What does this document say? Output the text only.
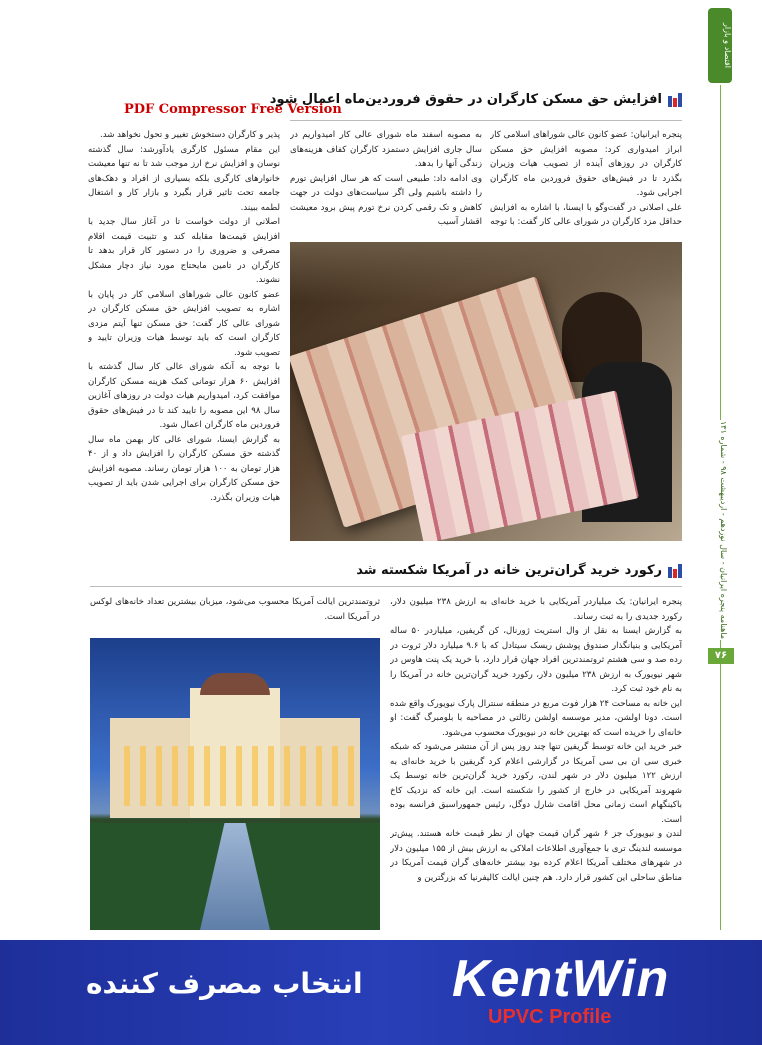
اقتصاد و بازار
ماهنامه پنجره ایرانیان - سال نوزدهم - اردیبهشت ۹۸ - شماره ۱۳۱
۷۶
افزایش حق مسکن کارگران در حقوق فروردین‌ماه اعمال شود
PDF Compressor Free Version

پنجره ایرانیان: عضو کانون عالی شوراهای اسلامی کار ابراز امیدواری کرد: مصوبه افزایش حق مسکن کارگران در روزهای آینده از تصویب هیات وزیران بگذرد تا در فیش‌های حقوق فروردین ماه کارگران اجرایی شود.

علی اصلانی در گفت‌وگو با ایسنا، با اشاره به افزایش حداقل مزد کارگران در شورای عالی کار گفت: با توجه

به مصوبه اسفند ماه شورای عالی کار امیدواریم در سال جاری افزایش دستمزد کارگران کفاف هزینه‌های زندگی آنها را بدهد.

وی ادامه داد: طبیعی است که هر سال افزایش تورم را داشته باشیم ولی اگر سیاست‌های دولت در جهت کاهش و تک رقمی کردن نرخ تورم پیش برود معیشت اقشار آسیب

پذیر و کارگران دستخوش تغییر و تحول نخواهد شد.

این مقام مسئول کارگری یادآورشد: سال گذشته نوسان و افزایش نرخ ارز موجب شد تا نه تنها معیشت خانوارهای کارگری بلکه بسیاری از افراد و دهک‌های جامعه تحت تاثیر قرار بگیرد و بازار کار و اشتغال لطمه ببیند.

اصلانی از دولت خواست تا در آغاز سال جدید با افزایش قیمت‌ها مقابله کند و تثبیت قیمت اقلام مصرفی و ضروری را در دستور کار قرار بدهد تا کارگران در تامین مایحتاج مورد نیاز دچار مشکل نشوند.

عضو کانون عالی شوراهای اسلامی کار در پایان با اشاره به تصویب افزایش حق مسکن کارگران در شورای عالی کار گفت: حق مسکن تنها آیتم مزدی کارگران است که باید توسط هیات وزیران تایید و تصویب شود.

با توجه به آنکه شورای عالی کار سال گذشته با افزایش ۶۰ هزار تومانی کمک هزینه مسکن کارگران موافقت کرد، امیدواریم هیات دولت در روزهای آغازین سال ۹۸ این مصوبه را تایید کند تا در فیش‌های حقوق فروردین ماه کارگران اعمال شود.

به گزارش ایسنا، شورای عالی کار بهمن ماه سال گذشته حق مسکن کارگران را افزایش داد و از ۴۰ هزار تومان به ۱۰۰ هزار تومان رساند. مصوبه افزایش حق مسکن کارگران برای اجرایی شدن باید از تصویب هیات وزیران بگذرد.

رکورد خرید گران‌ترین خانه در آمریکا شکسته شد

پنجره ایرانیان: یک میلیاردر آمریکایی با خرید خانه‌ای به ارزش ۲۳۸ میلیون دلار، رکورد جدیدی را به ثبت رساند.

به گزارش ایسنا به نقل از وال استریت ژورنال، کن گریفین، میلیاردر ۵۰ ساله آمریکایی و بنیانگذار صندوق پوشش ریسک سیتادل که با ۹.۶ میلیارد دلار ثروت در رده صد و سی هشتم ثروتمندترین افراد جهان قرار دارد، با خرید یک پنت هاوس در شهر نیویورک به ارزش ۲۳۸ میلیون دلار، رکورد خرید گران‌ترین خانه در آمریکا را به نام خود ثبت کرد.

این خانه به مساحت ۲۴ هزار فوت مربع در منطقه سنترال پارک نیویورک واقع شده است. دونا اولشن، مدیر موسسه اولشن رئالتی در مصاحبه با بلومبرگ گفت: او خانه‌ای را خریده است که بهترین خانه در نیویورک محسوب می‌شود.

خبر خرید این خانه توسط گریفین تنها چند روز پس از آن منتشر می‌شود که شبکه خبری سی ان بی سی آمریکا در گزارشی اعلام کرد گریفین با خرید خانه‌ای به ارزش ۱۲۲ میلیون دلار در شهر لندن، رکورد خرید گران‌ترین خانه توسط یک شهروند آمریکایی در خارج از کشور را شکسته است. این خانه که نزدیک کاخ باکینگهام است زمانی محل اقامت شارل دوگل، رئیس جمهوراسبق فرانسه بوده است.

لندن و نیویورک جز ۶ شهر گران قیمت جهان از نظر قیمت خانه هستند. پیش‌تر موسسه لندینگ تری با جمع‌آوری اطلاعات املاکی به ارزش بیش از ۱۵۵ میلیون دلار در شهرهای مختلف آمریکا اعلام کرده بود بیشتر خانه‌های گران قیمت آمریکا در مناطق ساحلی این کشور قرار دارد. هم چنین ایالت کالیفرنیا که بزرگترین و

ثروتمندترین ایالت آمریکا محسوب می‌شود، میزبان بیشترین تعداد خانه‌های لوکس در آمریکا است.

انتخاب مصرف کننده KentWin
UPVC Profile
